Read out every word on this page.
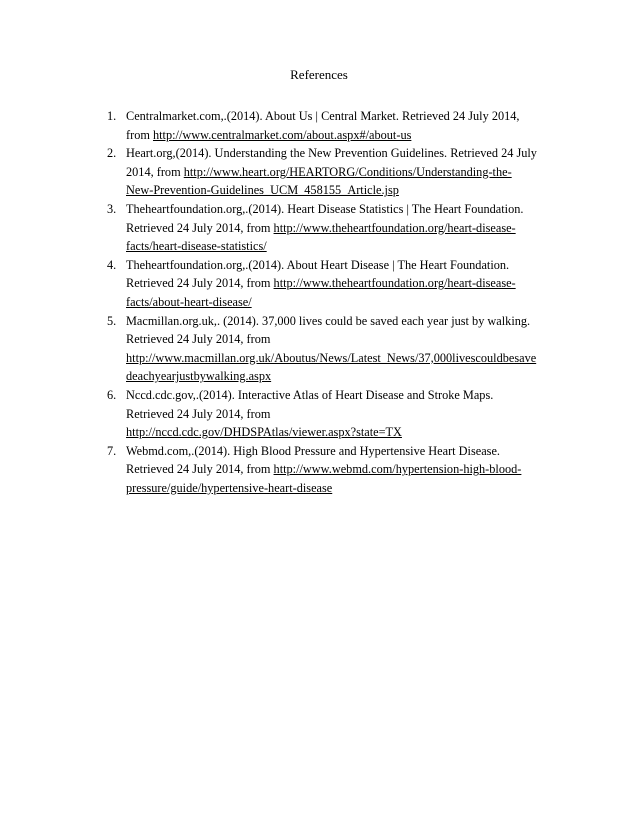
References
1. Centralmarket.com,.(2014). About Us | Central Market. Retrieved 24 July 2014,
from http://www.centralmarket.com/about.aspx#/about-us
2. Heart.org,(2014). Understanding the New Prevention Guidelines. Retrieved 24 July
2014, from http://www.heart.org/HEARTORG/Conditions/Understanding-the-
New-Prevention-Guidelines_UCM_458155_Article.jsp
3. Theheartfoundation.org,.(2014). Heart Disease Statistics | The Heart Foundation.
Retrieved 24 July 2014, from http://www.theheartfoundation.org/heart-disease-
facts/heart-disease-statistics/
4. Theheartfoundation.org,.(2014). About Heart Disease | The Heart Foundation.
Retrieved 24 July 2014, from http://www.theheartfoundation.org/heart-disease-
facts/about-heart-disease/
5. Macmillan.org.uk,. (2014). 37,000 lives could be saved each year just by walking.
Retrieved 24 July 2014, from
http://www.macmillan.org.uk/Aboutus/News/Latest_News/37,000livescouldbesave
deachyearjustbywalking.aspx
6. Nccd.cdc.gov,.(2014). Interactive Atlas of Heart Disease and Stroke Maps.
Retrieved 24 July 2014, from
http://nccd.cdc.gov/DHDSPAtlas/viewer.aspx?state=TX
7. Webmd.com,.(2014). High Blood Pressure and Hypertensive Heart Disease.
Retrieved 24 July 2014, from http://www.webmd.com/hypertension-high-blood-
pressure/guide/hypertensive-heart-disease
